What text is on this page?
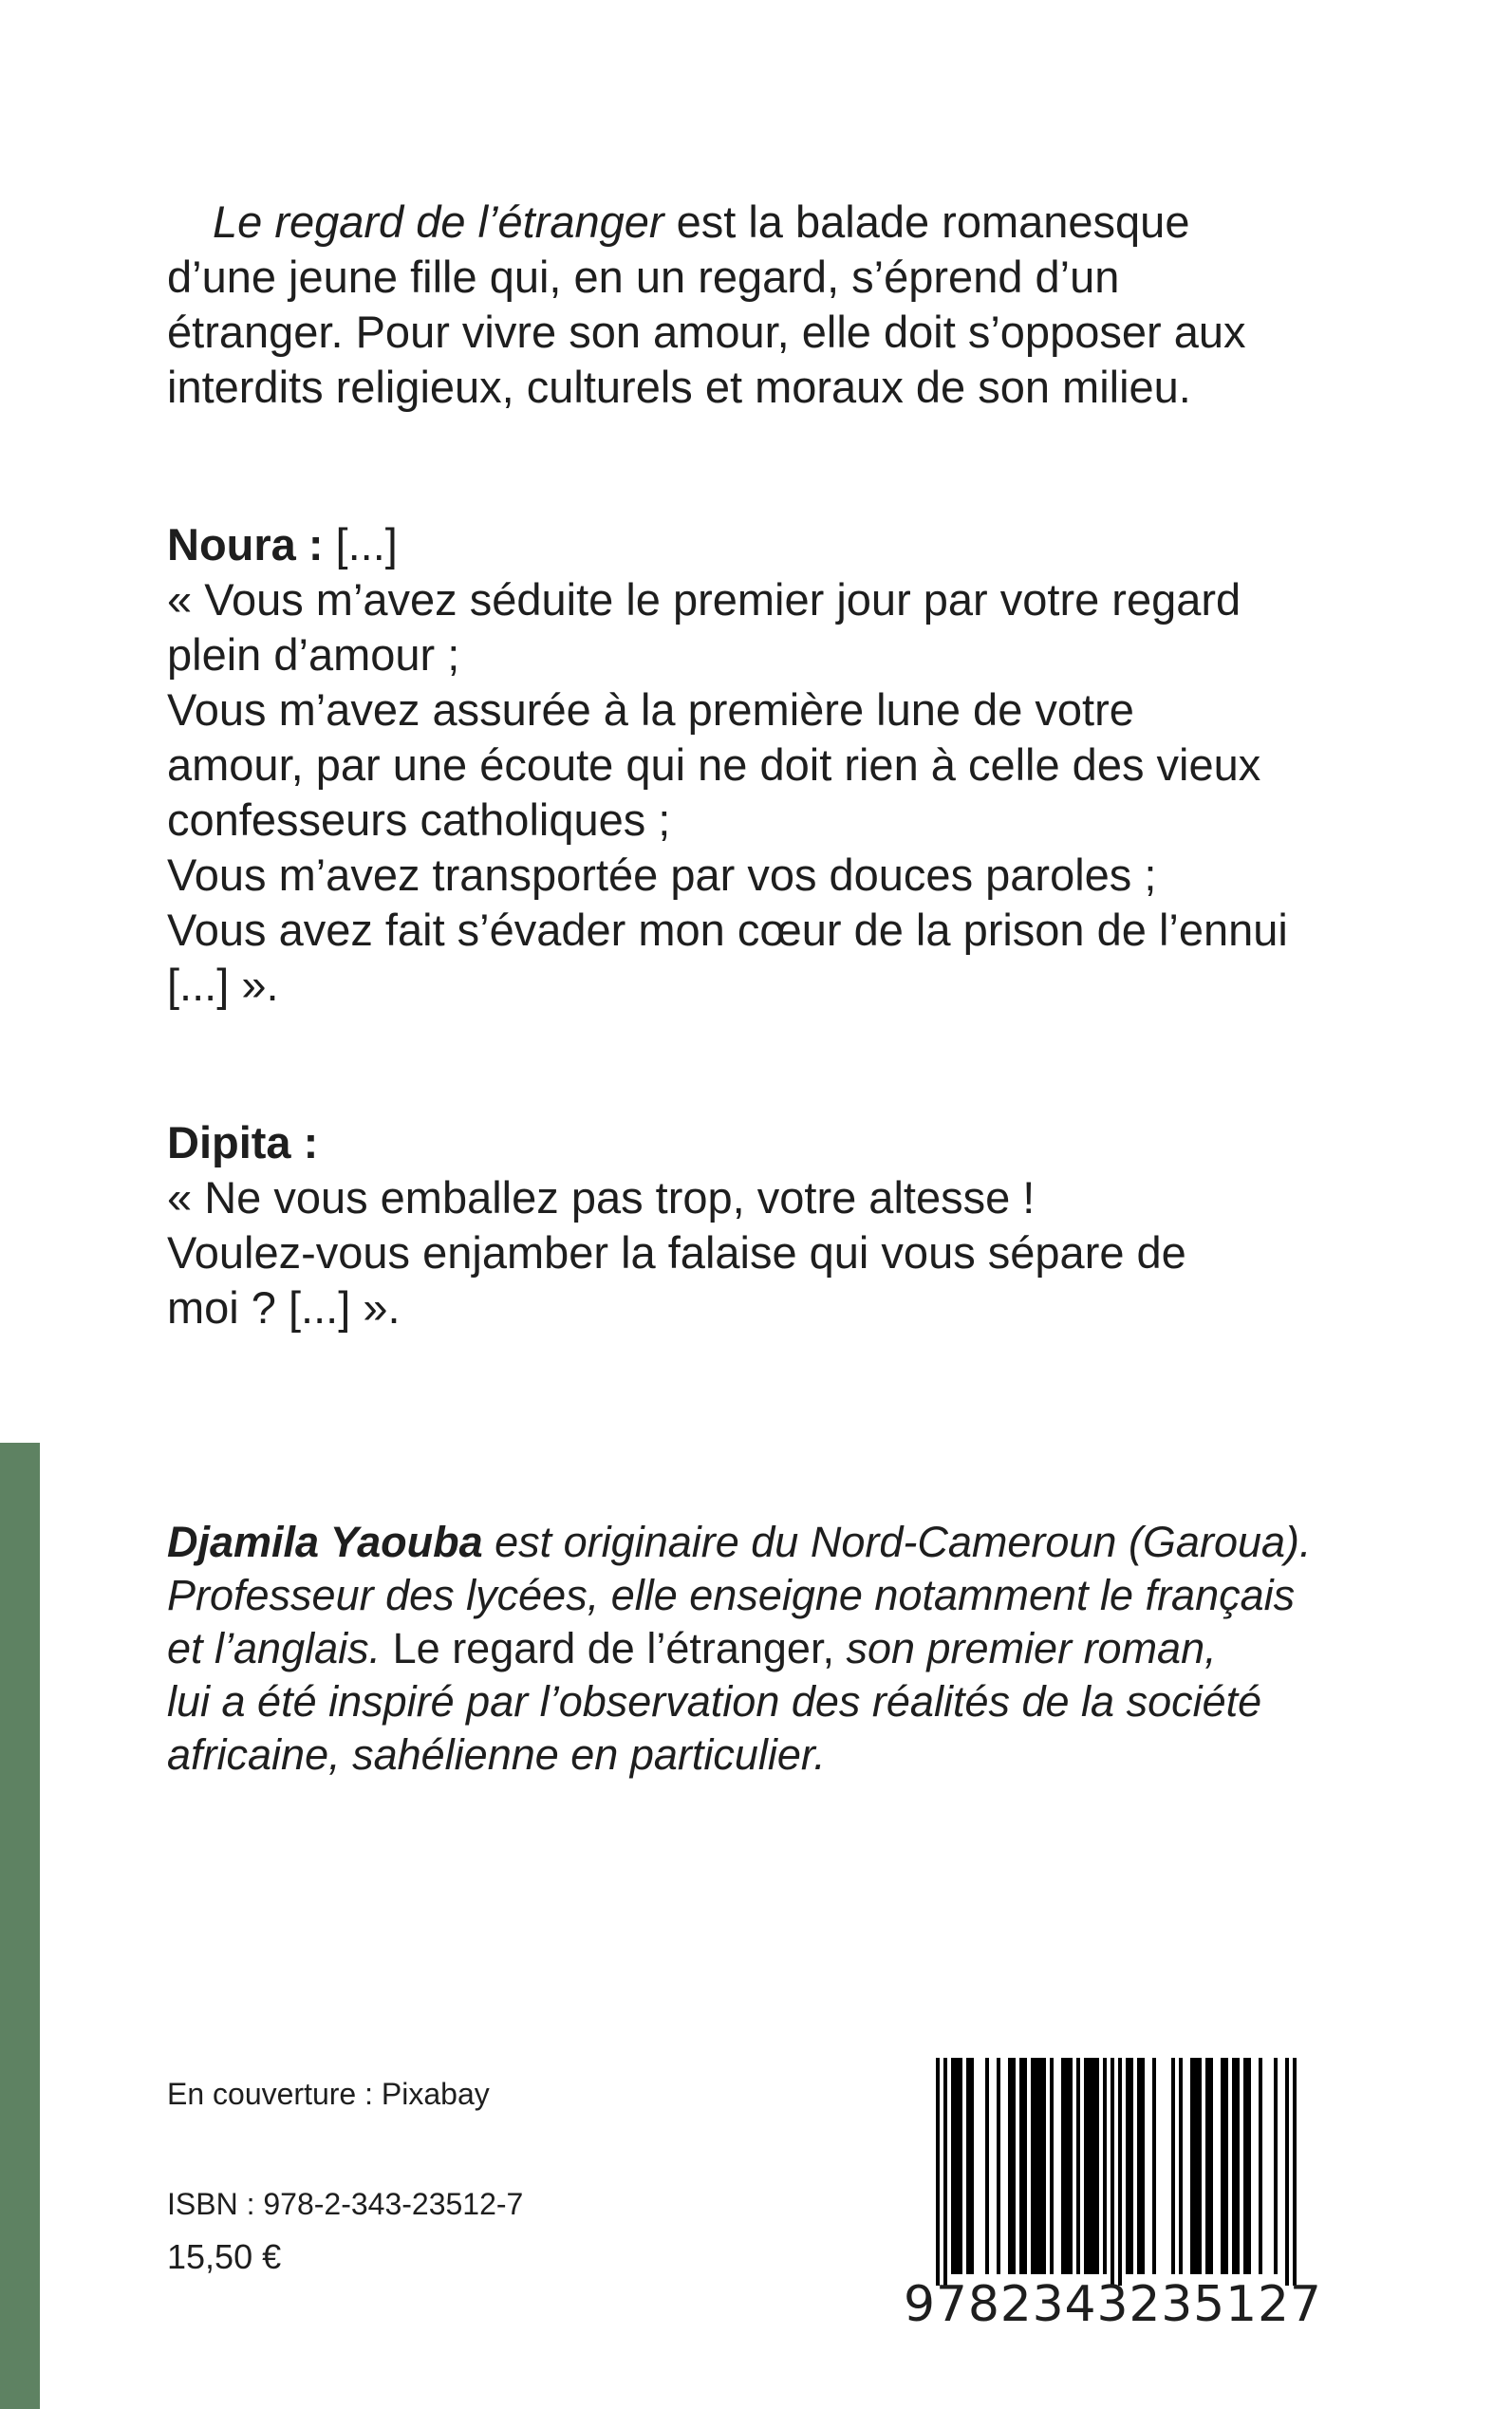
Le regard de l’étranger est la balade romanesque

d’une jeune fille qui, en un regard, s’éprend d’un

étranger. Pour vivre son amour, elle doit s’opposer aux

interdits religieux, culturels et moraux de son milieu.

Noura : [...]

« Vous m’avez séduite le premier jour par votre regard

plein d’amour ;

Vous m’avez assurée à la première lune de votre

amour, par une écoute qui ne doit rien à celle des vieux

confesseurs catholiques ;

Vous m’avez transportée par vos douces paroles ;

Vous avez fait s’évader mon cœur de la prison de l’ennui

[...] ».

Dipita :

« Ne vous emballez pas trop, votre altesse !

Voulez-vous enjamber la falaise qui vous sépare de

moi ? [...] ».

Djamila Yaouba est originaire du Nord-Cameroun (Garoua).

Professeur des lycées, elle enseigne notamment le français

et l’anglais. Le regard de l’étranger, son premier roman,

lui a été inspiré par l’observation des réalités de la société

africaine, sahélienne en particulier.

En couverture : Pixabay
ISBN : 978-2-343-23512-7
15,50 €
9 7 8 2 3 4 3 2 3 5 1 2 7
